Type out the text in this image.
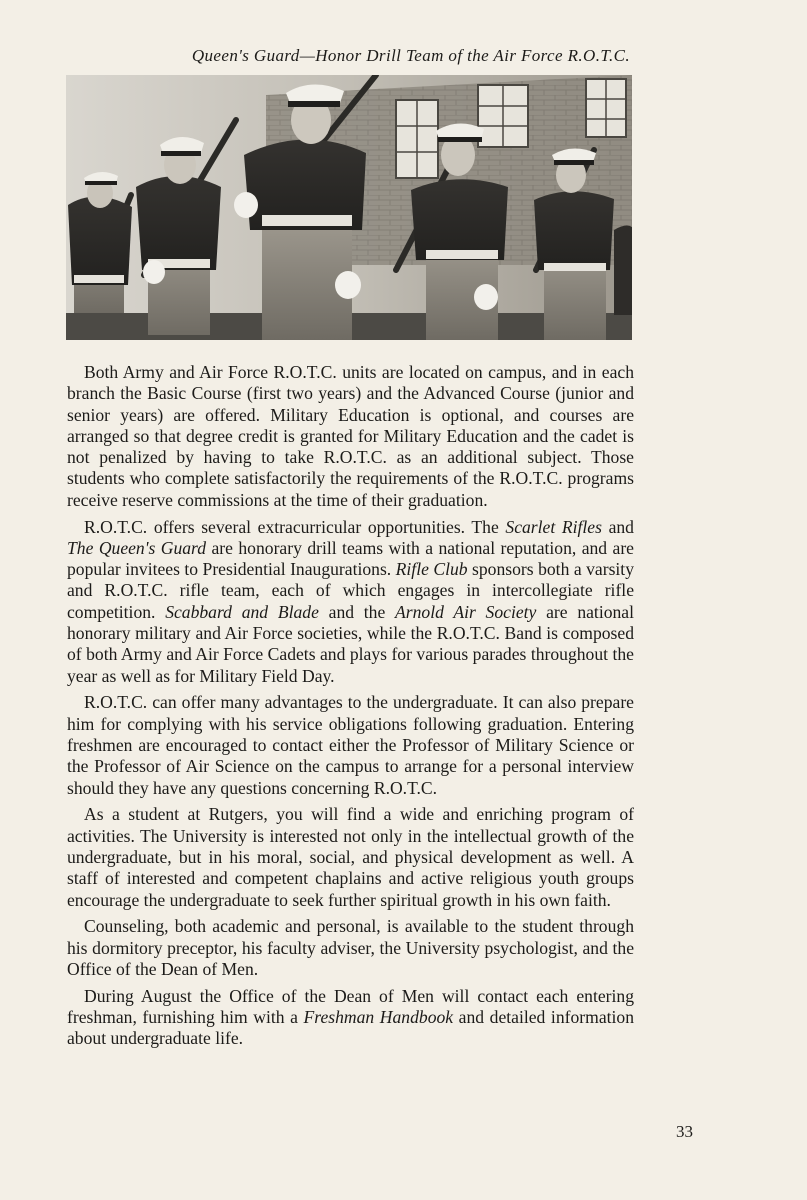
Queen's Guard—Honor Drill Team of the Air Force R.O.T.C.

Both Army and Air Force R.O.T.C. units are located on campus, and in each branch the Basic Course (first two years) and the Advanced Course (junior and senior years) are offered. Military Education is optional, and courses are arranged so that degree credit is granted for Military Education and the cadet is not penalized by having to take R.O.T.C. as an additional subject. Those students who complete satisfactorily the requirements of the R.O.T.C. programs receive reserve commissions at the time of their graduation.

R.O.T.C. offers several extracurricular opportunities. The Scarlet Rifles and The Queen's Guard are honorary drill teams with a national reputation, and are popular invitees to Presidential Inaugurations. Rifle Club sponsors both a varsity and R.O.T.C. rifle team, each of which engages in intercollegiate rifle competition. Scabbard and Blade and the Arnold Air Society are national honorary military and Air Force societies, while the R.O.T.C. Band is composed of both Army and Air Force Cadets and plays for various parades throughout the year as well as for Military Field Day.

R.O.T.C. can offer many advantages to the undergraduate. It can also prepare him for complying with his service obligations following graduation. Entering freshmen are encouraged to contact either the Professor of Military Science or the Professor of Air Science on the campus to arrange for a personal interview should they have any questions concerning R.O.T.C.

As a student at Rutgers, you will find a wide and enriching program of activities. The University is interested not only in the intellectual growth of the undergraduate, but in his moral, social, and physical development as well. A staff of interested and competent chaplains and active religious youth groups encourage the undergraduate to seek further spiritual growth in his own faith.

Counseling, both academic and personal, is available to the student through his dormitory preceptor, his faculty adviser, the University psychologist, and the Office of the Dean of Men.

During August the Office of the Dean of Men will contact each entering freshman, furnishing him with a Freshman Handbook and detailed information about undergraduate life.

33
